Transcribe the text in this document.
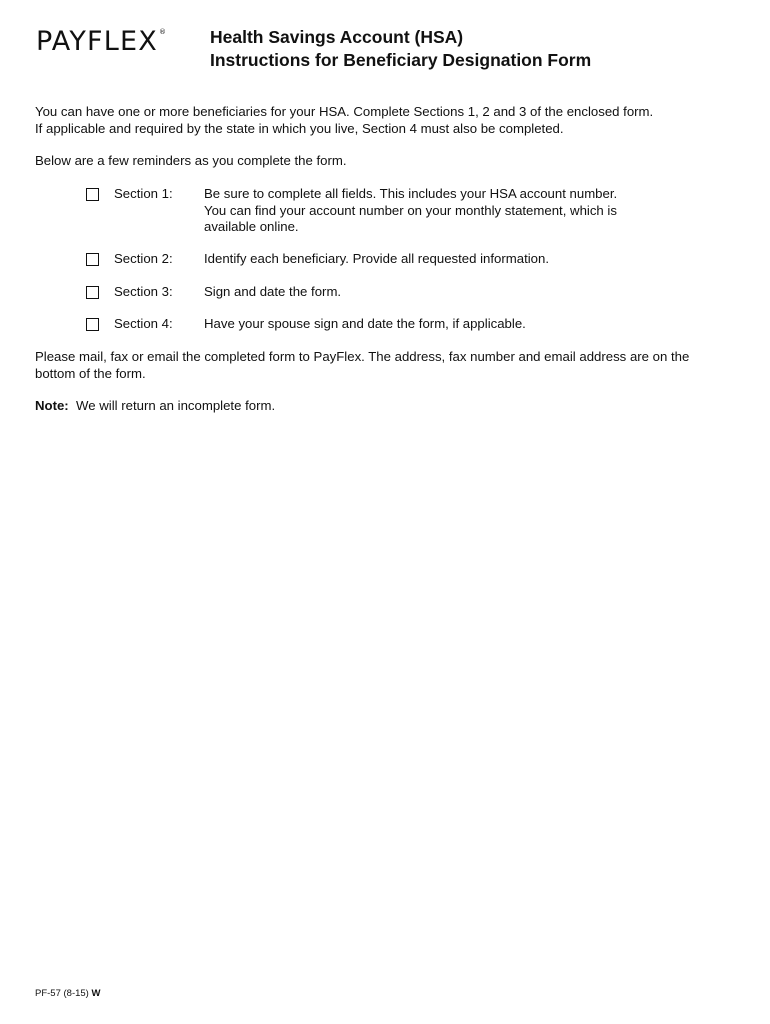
PAYFLEX® Health Savings Account (HSA)
Instructions for Beneficiary Designation Form
You can have one or more beneficiaries for your HSA. Complete Sections 1, 2 and 3 of the enclosed form.
If applicable and required by the state in which you live, Section 4 must also be completed.
Below are a few reminders as you complete the form.
Section 1: Be sure to complete all fields. This includes your HSA account number.
You can find your account number on your monthly statement, which is
available online.
Section 2: Identify each beneficiary. Provide all requested information.
Section 3: Sign and date the form.
Section 4: Have your spouse sign and date the form, if applicable.
Please mail, fax or email the completed form to PayFlex. The address, fax number and email address are on the
bottom of the form.
Note:  We will return an incomplete form.
PF-57 (8-15) W
